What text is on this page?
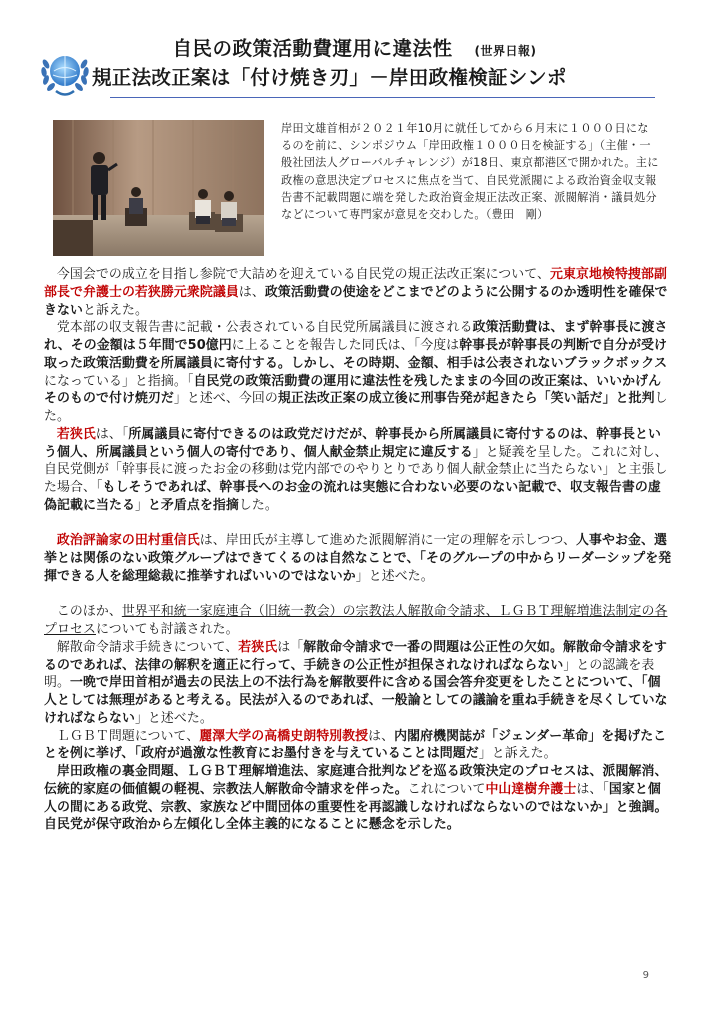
自民の政策活動費運用に違法性 (世界日報)
規正法改正案は「付け焼き刃」－岸田政権検証シンポ
岸田文雄首相が２０２１年10月に就任してから６月末に１０００日になるのを前に、シンポジウム「岸田政権１０００日を検証する」（主催・一般社団法人グローバルチャレンジ）が18日、東京都港区で開かれた。主に政権の意思決定プロセスに焦点を当て、自民党派閥による政治資金収支報告書不記載問題に端を発した政治資金規正法改正案、派閥解消・議員処分などについて専門家が意見を交わした。（豊田　剛）

今国会での成立を目指し参院で大詰めを迎えている自民党の規正法改正案について、元東京地検特捜部副部長で弁護士の若狭勝元衆院議員は、政策活動費の使途をどこまでどのように公開するのか透明性を確保できないと訴えた。

党本部の収支報告書に記載・公表されている自民党所属議員に渡される政策活動費は、まず幹事長に渡され、その金額は５年間で50億円に上ることを報告した同氏は、「今度は幹事長が幹事長の判断で自分が受け取った政策活動費を所属議員に寄付する。しかし、その時期、金額、相手は公表されないブラックボックスになっている」と指摘。「自民党の政策活動費の運用に違法性を残したままの今回の改正案は、いいかげんそのもので付け焼刃だ」と述べ、今回の規正法改正案の成立後に刑事告発が起きたら「笑い話だ」と批判した。

若狭氏は、「所属議員に寄付できるのは政党だけだが、幹事長から所属議員に寄付するのは、幹事長という個人、所属議員という個人の寄付であり、個人献金禁止規定に違反する」と疑義を呈した。これに対し、自民党側が「幹事長に渡ったお金の移動は党内部でのやりとりであり個人献金禁止に当たらない」と主張した場合、「もしそうであれば、幹事長へのお金の流れは実態に合わない必要のない記載で、収支報告書の虚偽記載に当たる」と矛盾点を指摘した。

政治評論家の田村重信氏は、岸田氏が主導して進めた派閥解消に一定の理解を示しつつ、人事やお金、選挙とは関係のない政策グループはできてくるのは自然なことで、「そのグループの中からリーダーシップを発揮できる人を総理総裁に推挙すればいいのではないか」と述べた。

このほか、世界平和統一家庭連合（旧統一教会）の宗教法人解散命令請求、ＬＧＢＴ理解増進法制定の各プロセスについても討議された。

解散命令請求手続きについて、若狭氏は「解散命令請求で一番の問題は公正性の欠如。解散命令請求をするのであれば、法律の解釈を適正に行って、手続きの公正性が担保されなければならない」との認識を表明。一晩で岸田首相が過去の民法上の不法行為を解散要件に含める国会答弁変更をしたことについて、「個人としては無理があると考える。民法が入るのであれば、一般論としての議論を重ね手続きを尽くしていなければならない」と述べた。

ＬＧＢＴ問題について、麗澤大学の高橋史朗特別教授は、内閣府機関誌が「ジェンダー革命」を掲げたことを例に挙げ、「政府が過激な性教育にお墨付きを与えていることは問題だ」と訴えた。

岸田政権の裏金問題、ＬＧＢＴ理解増進法、家庭連合批判などを巡る政策決定のプロセスは、派閥解消、伝統的家庭の価値観の軽視、宗教法人解散命令請求を伴った。これについて中山達樹弁護士は、「国家と個人の間にある政党、宗教、家族など中間団体の重要性を再認識しなければならないのではないか」と強調。自民党が保守政治から左傾化し全体主義的になることに懸念を示した。

9
